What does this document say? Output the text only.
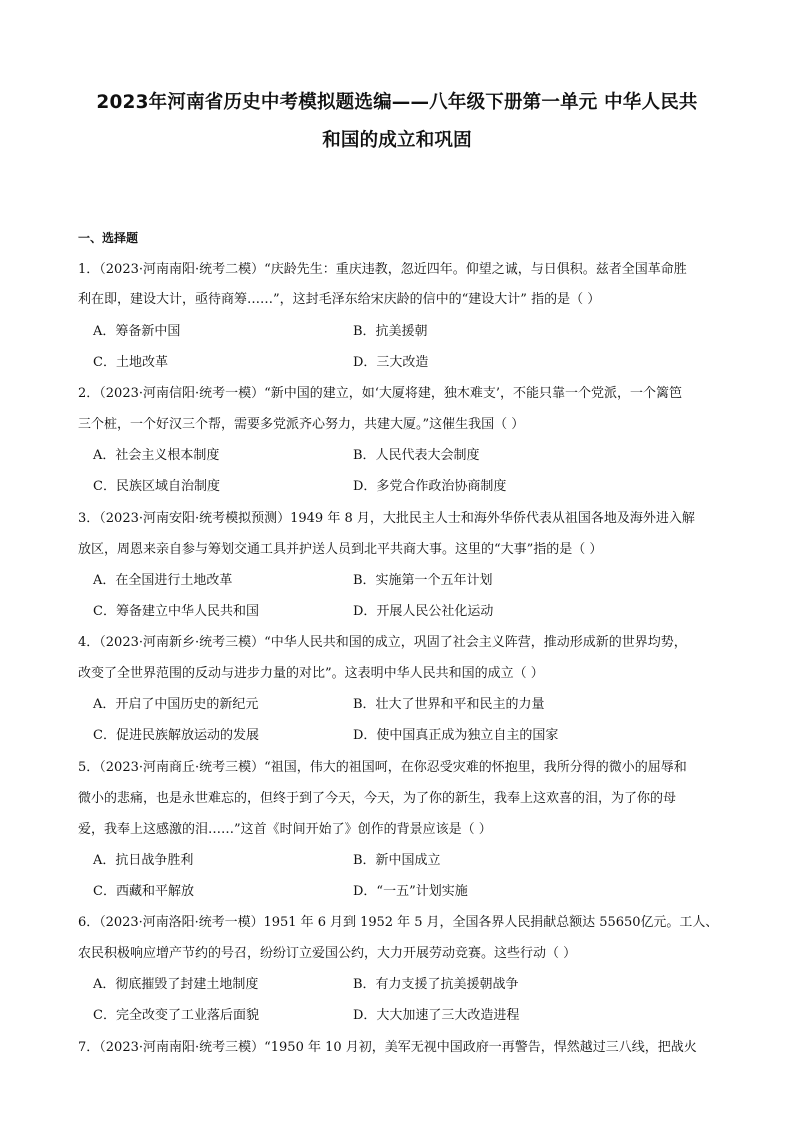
2023年河南省历史中考模拟题选编——八年级下册第一单元 中华人民共
和国的成立和巩固
一、选择题
1．（2023·河南南阳·统考二模）“庆龄先生：重庆违教，忽近四年。仰望之诚，与日俱积。兹者全国革命胜
利在即，建设大计，亟待商筹……”，这封毛泽东给宋庆龄的信中的“建设大计” 指的是（ ）
A．筹备新中国	B．抗美援朝
C．土地改革	D．三大改造
2．（2023·河南信阳·统考一模）“新中国的建立，如‘大厦将建，独木难支’，不能只靠一个党派，一个篱笆
三个桩，一个好汉三个帮，需要多党派齐心努力，共建大厦。”这催生我国（ ）
A．社会主义根本制度	B．人民代表大会制度
C．民族区域自治制度	D．多党合作政治协商制度
3．（2023·河南安阳·统考模拟预测）1949 年 8 月，大批民主人士和海外华侨代表从祖国各地及海外进入解
放区，周恩来亲自参与筹划交通工具并护送人员到北平共商大事。这里的“大事”指的是（ ）
A．在全国进行土地改革	B．实施第一个五年计划
C．筹备建立中华人民共和国	D．开展人民公社化运动
4．（2023·河南新乡·统考三模）“中华人民共和国的成立，巩固了社会主义阵营，推动形成新的世界均势，
改变了全世界范围的反动与进步力量的对比”。这表明中华人民共和国的成立（ ）
A．开启了中国历史的新纪元	B．壮大了世界和平和民主的力量
C．促进民族解放运动的发展	D．使中国真正成为独立自主的国家
5．（2023·河南商丘·统考三模）“祖国，伟大的祖国呵，在你忍受灾难的怀抱里，我所分得的微小的屈辱和
微小的悲痛，也是永世难忘的，但终于到了今天，今天，为了你的新生，我奉上这欢喜的泪，为了你的母
爱，我奉上这感激的泪……”这首《时间开始了》创作的背景应该是（ ）
A．抗日战争胜利	B．新中国成立
C．西藏和平解放	D．“一五”计划实施
6．（2023·河南洛阳·统考一模）1951 年 6 月到 1952 年 5 月，全国各界人民捐献总额达 55650亿元。工人、
农民积极响应增产节约的号召，纷纷订立爱国公约，大力开展劳动竞赛。这些行动（ ）
A．彻底摧毁了封建土地制度	B．有力支援了抗美援朝战争
C．完全改变了工业落后面貌	D．大大加速了三大改造进程
7．（2023·河南南阳·统考三模）“1950 年 10 月初，美军无视中国政府一再警告，悍然越过三八线，把战火
